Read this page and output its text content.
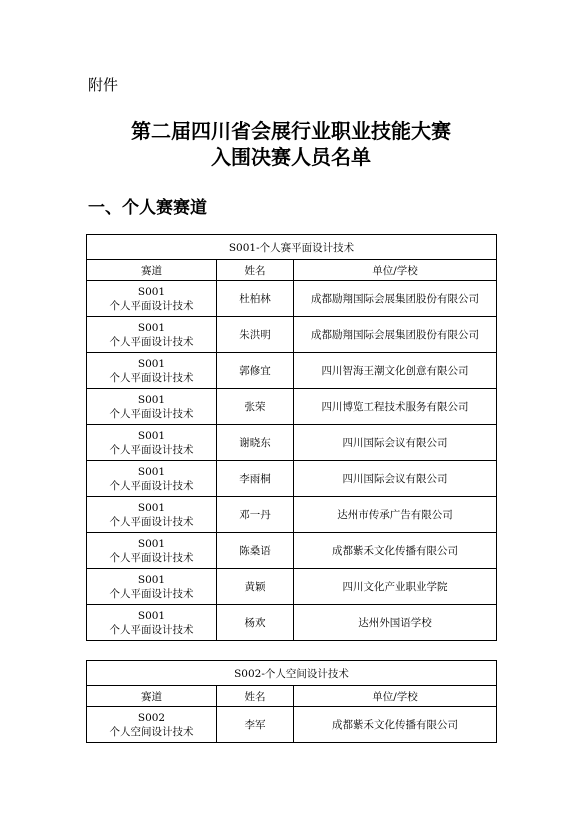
附件
第二届四川省会展行业职业技能大赛
入围决赛人员名单
一、个人赛赛道
S001-个人赛平面设计技术		
赛道	姓名	单位/学校

S001
个人平面设计技术	杜柏林	成都励翔国际会展集团股份有限公司

S001
个人平面设计技术	朱洪明	成都励翔国际会展集团股份有限公司

S001
个人平面设计技术	郭修宜	四川智海王潮文化创意有限公司

S001
个人平面设计技术	张荣	四川博览工程技术服务有限公司

S001
个人平面设计技术	谢晓东	四川国际会议有限公司

S001
个人平面设计技术	李雨桐	四川国际会议有限公司

S001
个人平面设计技术	邓一丹	达州市传承广告有限公司

S001
个人平面设计技术	陈桑语	成都紫禾文化传播有限公司

S001
个人平面设计技术	黄颖	四川文化产业职业学院

S001
个人平面设计技术	杨欢	达州外国语学校
S002-个人空间设计技术		
赛道	姓名	单位/学校

S002
个人空间设计技术	李军	成都紫禾文化传播有限公司
